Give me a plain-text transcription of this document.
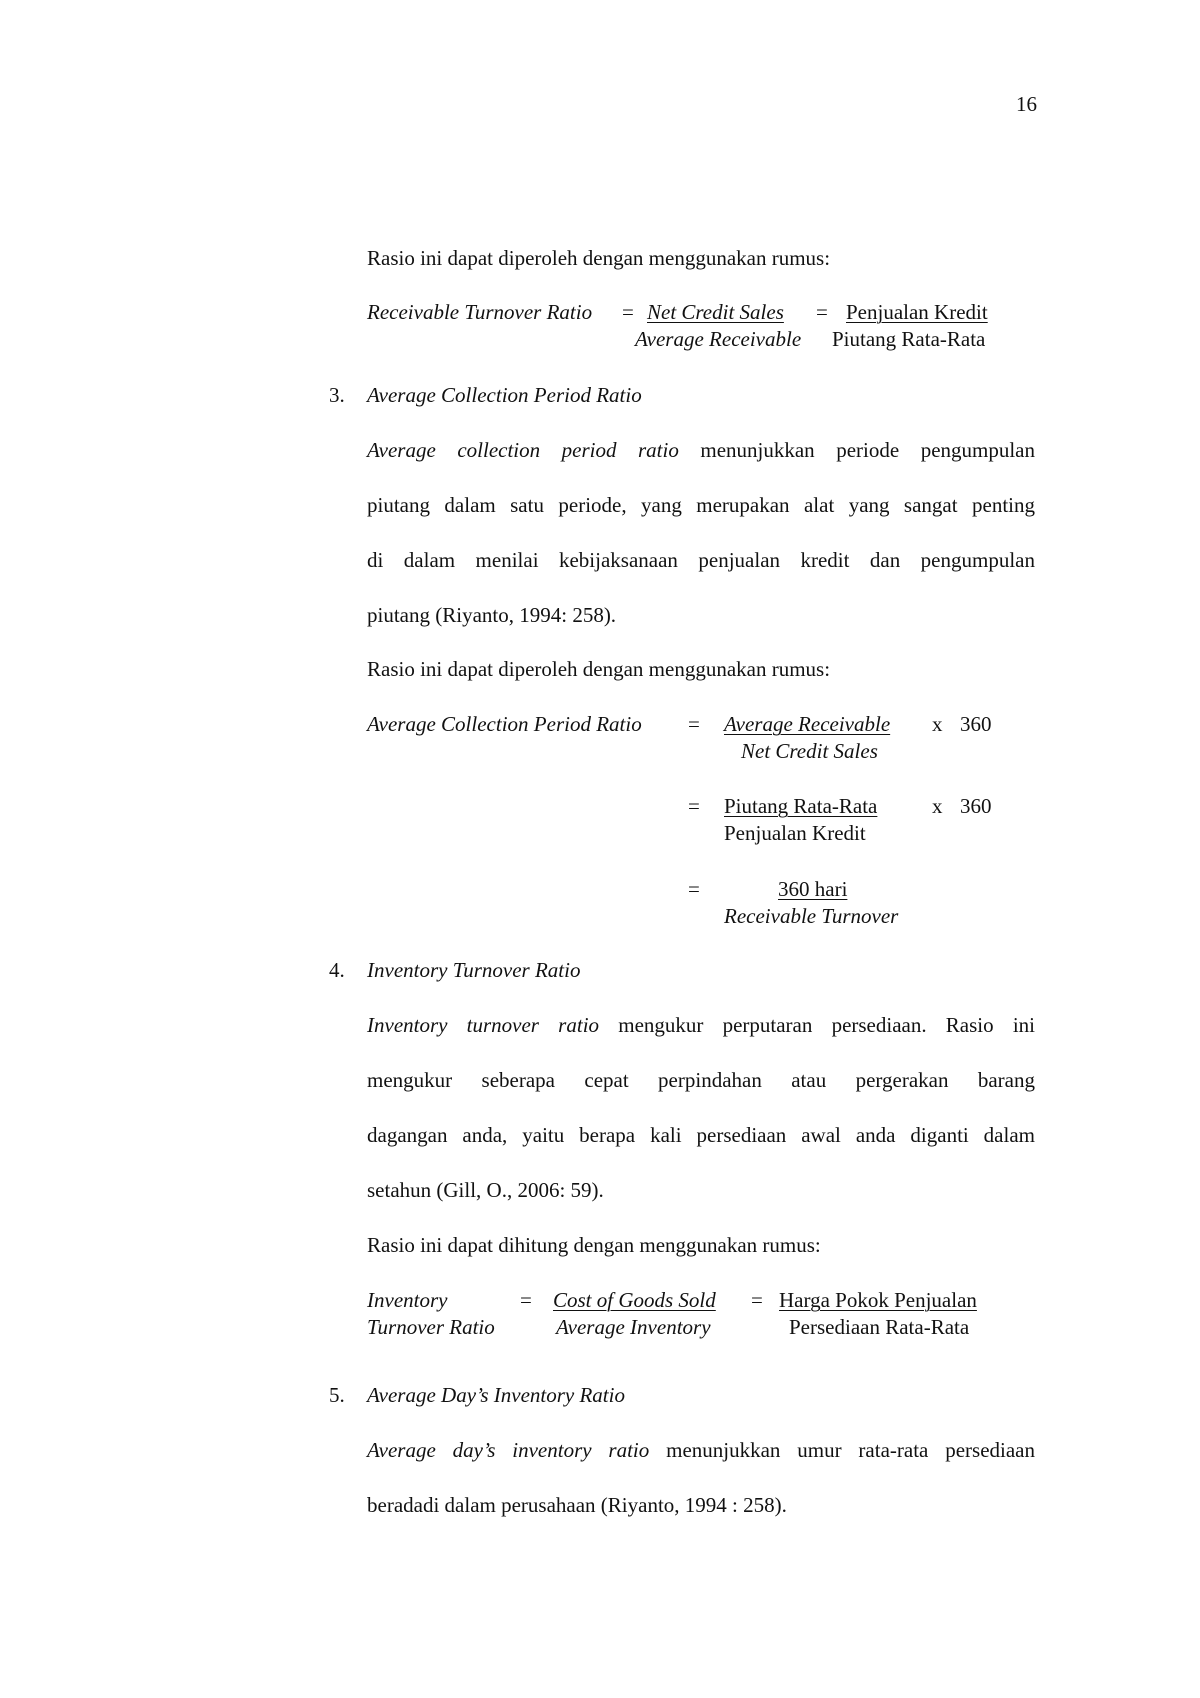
16
Rasio ini dapat diperoleh dengan menggunakan rumus:
Receivable Turnover Ratio = Net Credit Sales = Penjualan Kredit
Average Receivable Piutang Rata-Rata
3. Average Collection Period Ratio
Average collection period ratio menunjukkan periode pengumpulan
piutang dalam satu periode, yang merupakan alat yang sangat penting
di dalam menilai kebijaksanaan penjualan kredit dan pengumpulan
piutang (Riyanto, 1994: 258).
Rasio ini dapat diperoleh dengan menggunakan rumus:
Average Collection Period Ratio = Average Receivable x 360
Net Credit Sales
= Piutang Rata-Rata	x 360
Penjualan Kredit
=	360 hari
Receivable Turnover
4. Inventory Turnover Ratio
Inventory turnover ratio mengukur perputaran persediaan. Rasio ini
mengukur seberapa cepat perpindahan atau pergerakan barang
dagangan anda, yaitu berapa kali persediaan awal anda diganti dalam
setahun (Gill, O., 2006: 59).
Rasio ini dapat dihitung dengan menggunakan rumus:
Inventory
Turnover Ratio
= Cost of Goods Sold
Average Inventory
= Harga Pokok Penjualan
Persediaan Rata-Rata
5. Average Day’s Inventory Ratio
Average day’s inventory ratio menunjukkan umur rata-rata persediaan
beradadi dalam perusahaan (Riyanto, 1994 : 258).
